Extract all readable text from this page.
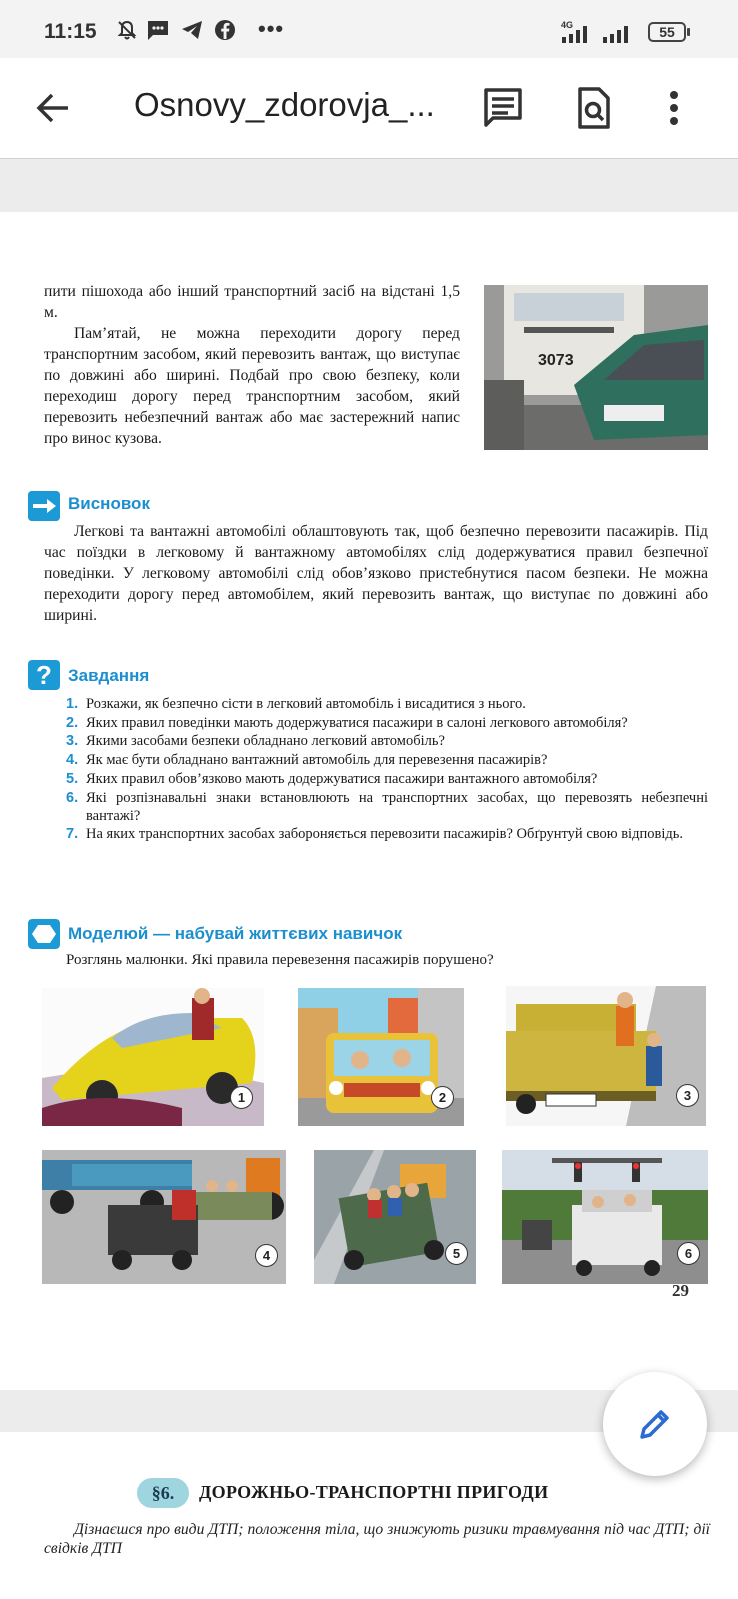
11:15	•••	4G	55
Osnovy_zdorovja_...
пити пішохода або інший транспортний засіб на відстані 1,5 м.
Пам’ятай, не можна переходити дорогу перед транспортним засобом, який перевозить вантаж, що виступає по довжині або ширині. Подбай про свою безпеку, коли переходиш дорогу перед транспортним засобом, який перевозить небезпечний вантаж або має застережний напис про винос кузова.
3073
Висновок
Легкові та вантажні автомобілі облаштовують так, щоб безпечно перевозити пасажирів. Під час поїздки в легковому й вантажному автомобілях слід додержуватися правил безпечної поведінки. У легковому автомобілі слід обов’язково пристебнутися пасом безпеки. Не можна переходити дорогу перед автомобілем, який перевозить вантаж, що виступає по довжині або ширині.
? Завдання
1. Розкажи, як безпечно сісти в легковий автомобіль і висадитися з нього.
2. Яких правил поведінки мають додержуватися пасажири в салоні легкового автомобіля?
3. Якими засобами безпеки обладнано легковий автомобіль?
4. Як має бути обладнано вантажний автомобіль для перевезення пасажирів?
5. Яких правил обов’язково мають додержуватися пасажири вантажного автомобіля?
6. Які розпізнавальні знаки встановлюють на транспортних засобах, що перевозять небезпечні вантажі?
7. На яких транспортних засобах забороняється перевозити пасажирів? Обґрунтуй свою відповідь.
Моделюй — набувай життєвих навичок
Розглянь малюнки. Які правила перевезення пасажирів порушено?
1	2	3
4	5	6
29
§6.	ДОРОЖНЬО-ТРАНСПОРТНІ ПРИГОДИ
Дізнаєшся про види ДТП; положення тіла, що знижують ризики травмування під час ДТП; дії свідків ДТП
